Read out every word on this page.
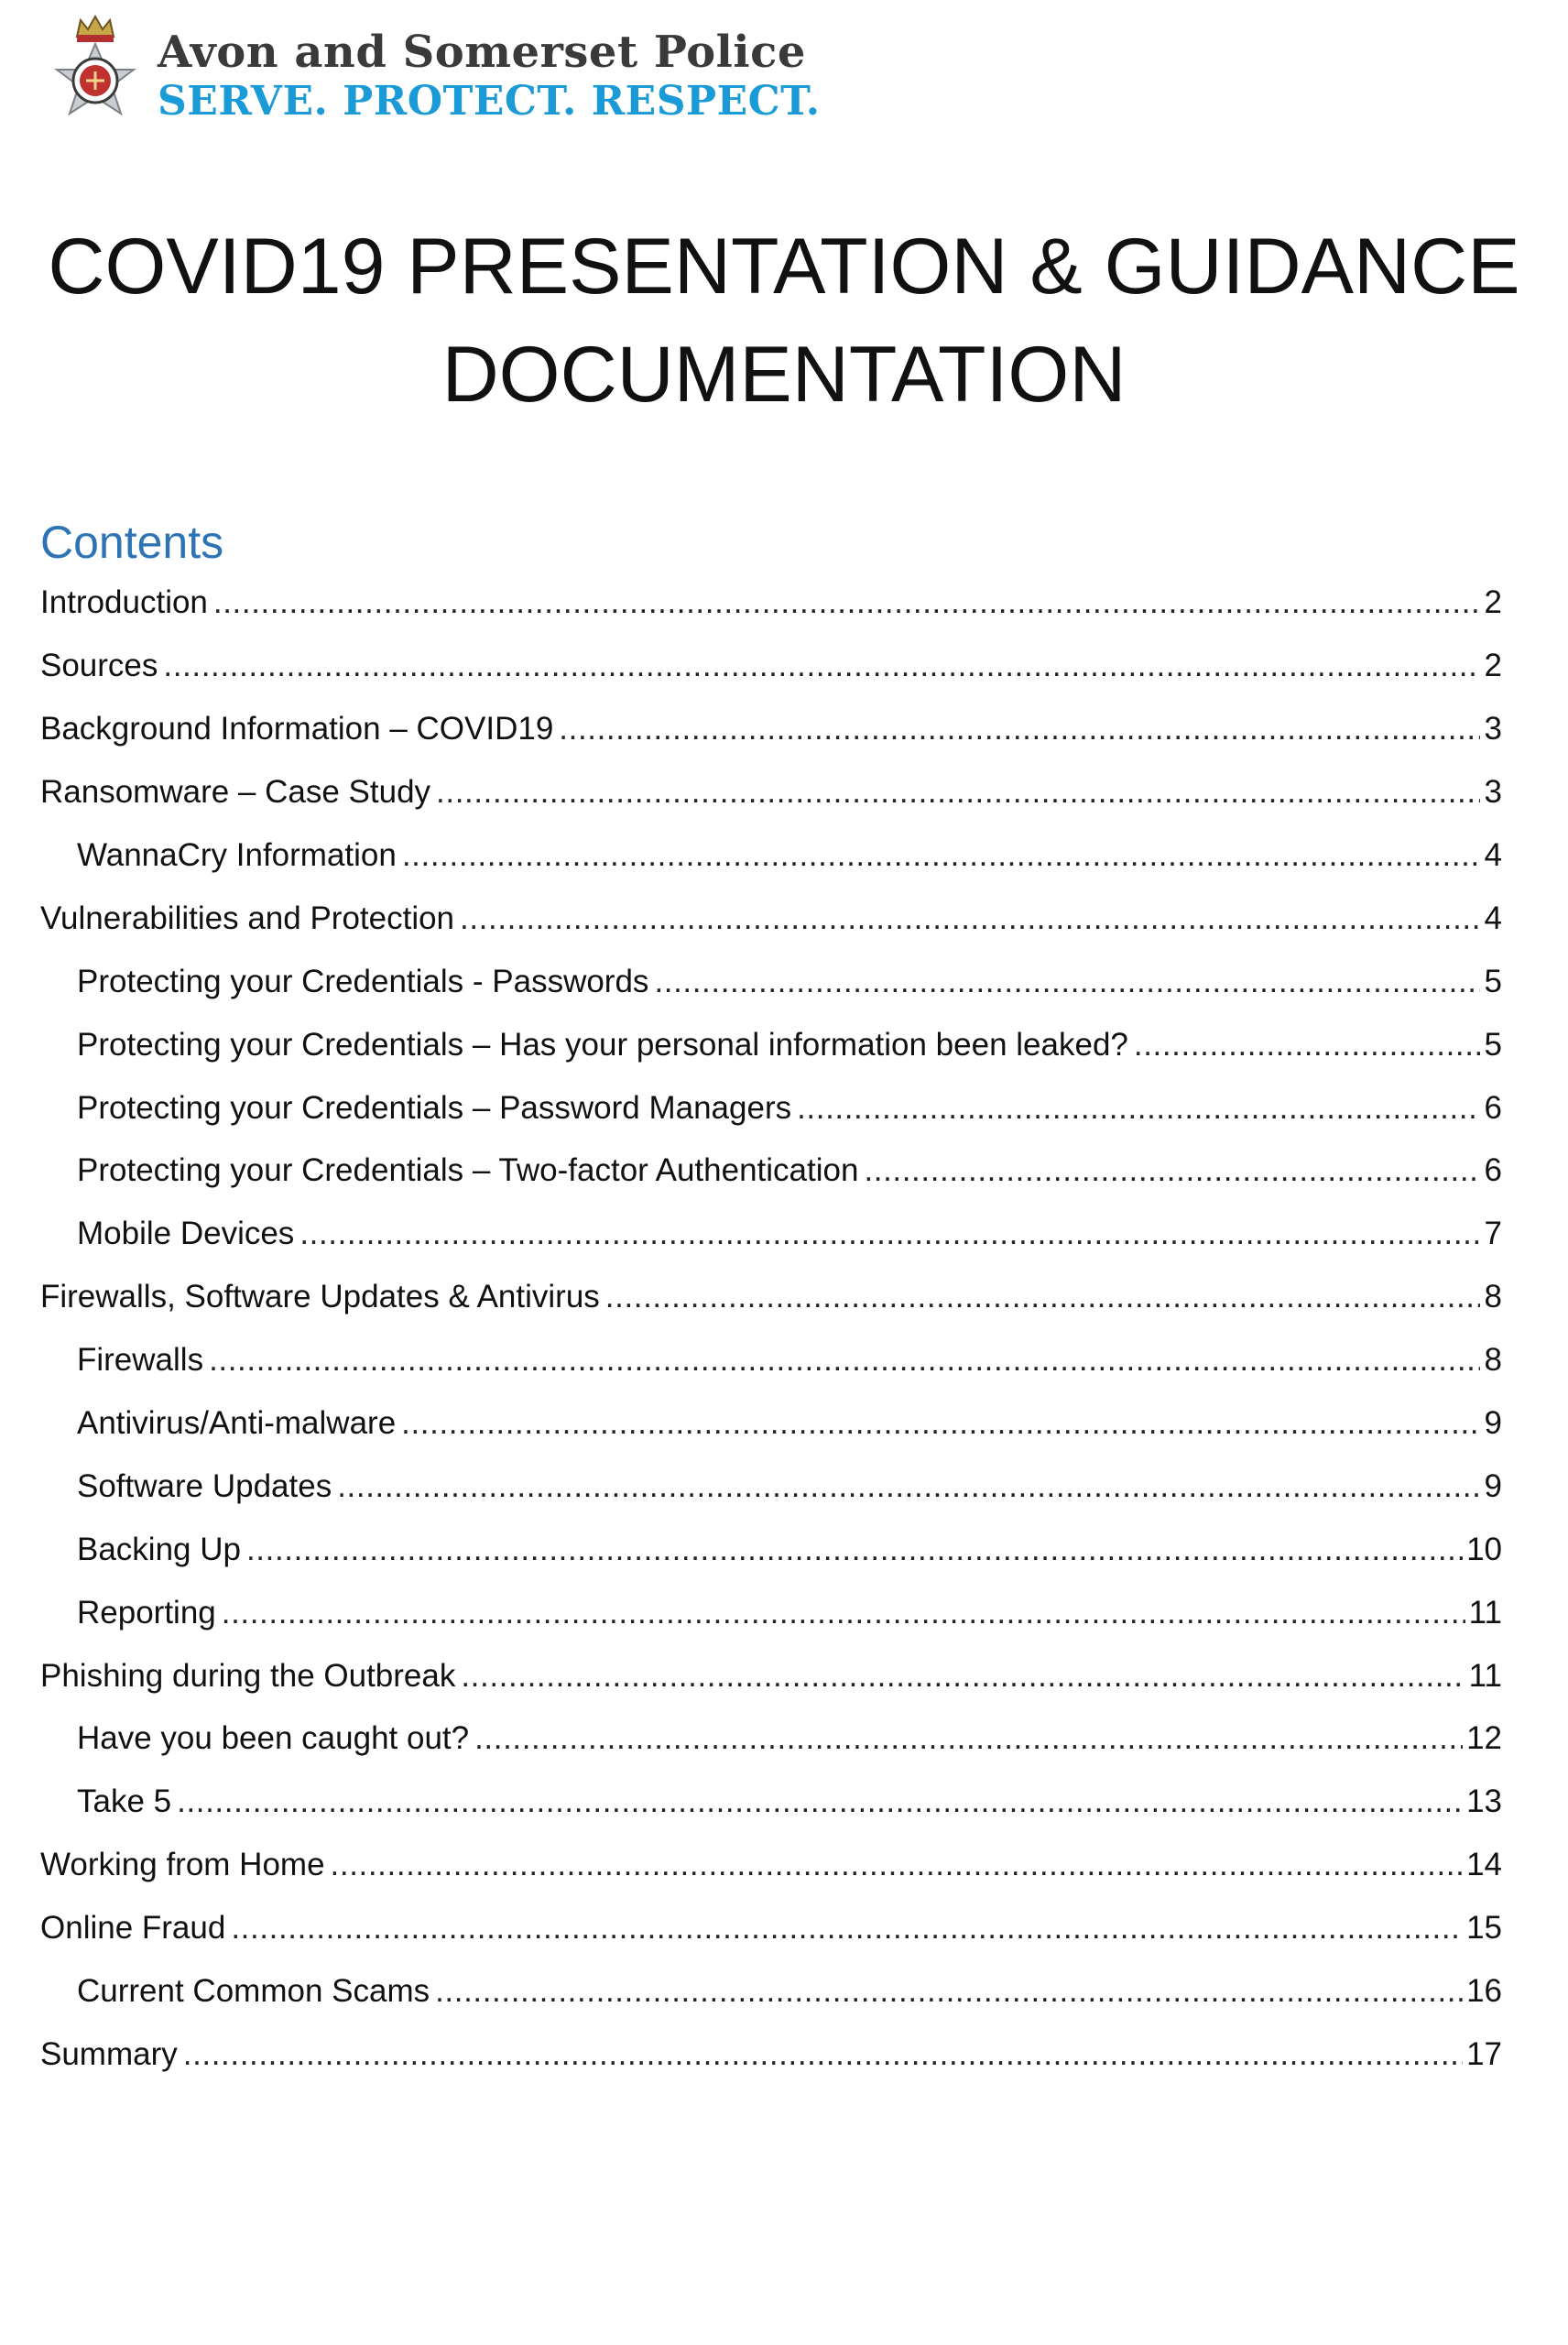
Avon and Somerset Police
SERVE. PROTECT. RESPECT.
COVID19 PRESENTATION & GUIDANCE
DOCUMENTATION
Contents
Introduction .....	2
Sources .....	2
Background Information – COVID19 .....	3
Ransomware – Case Study .....	3
WannaCry Information .....	4
Vulnerabilities and Protection .....	4
Protecting your Credentials - Passwords .....	5
Protecting your Credentials – Has your personal information been leaked? .....	5
Protecting your Credentials – Password Managers .....	6
Protecting your Credentials – Two-factor Authentication .....	6
Mobile Devices .....	7
Firewalls, Software Updates & Antivirus .....	8
Firewalls .....	8
Antivirus/Anti-malware .....	9
Software Updates .....	9
Backing Up .....	10
Reporting .....	11
Phishing during the Outbreak .....	11
Have you been caught out? .....	12
Take 5 .....	13
Working from Home .....	14
Online Fraud .....	15
Current Common Scams .....	16
Summary .....	17
